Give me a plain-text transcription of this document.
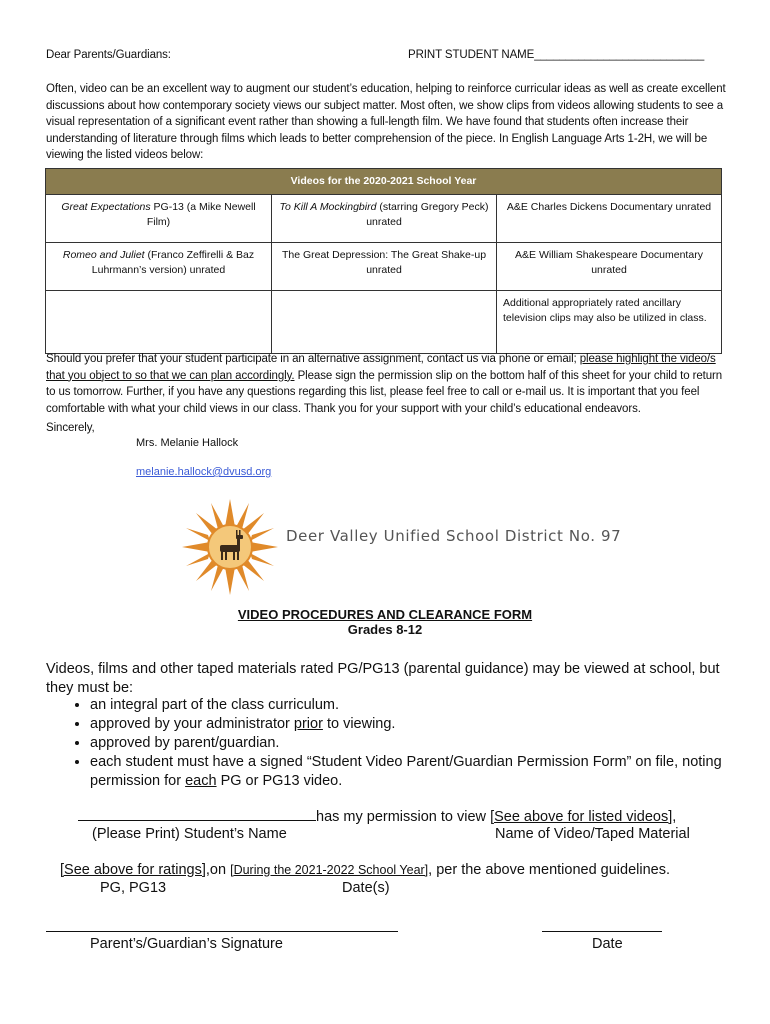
Dear Parents/Guardians:	PRINT STUDENT NAME___________________________
Often, video can be an excellent way to augment our student’s education, helping to reinforce curricular ideas as well as create excellent discussions about how contemporary society views our subject matter. Most often, we show clips from videos allowing students to see a visual representation of a significant event rather than showing a full-length film. We have found that students often increase their understanding of literature through films which leads to better comprehension of the piece. In English Language Arts 1-2H, we will be viewing the listed videos below:
Videos for the 2020-2021 School Year		
Great Expectations PG-13 (a Mike Newell Film)	To Kill A Mockingbird (starring Gregory Peck) unrated	A&E Charles Dickens Documentary unrated
Romeo and Juliet (Franco Zeffirelli & Baz Luhrmann’s version) unrated	The Great Depression: The Great Shake-up unrated	A&E William Shakespeare Documentary unrated
		Additional appropriately rated ancillary television clips may also be utilized in class.
Should you prefer that your student participate in an alternative assignment, contact us via phone or email; please highlight the video/s that you object to so that we can plan accordingly. Please sign the permission slip on the bottom half of this sheet for your child to return to us tomorrow. Further, if you have any questions regarding this list, please feel free to call or e-mail us. It is important that you feel comfortable with what your child views in our class. Thank you for your support with your child’s educational endeavors.
Sincerely,
Mrs. Melanie Hallock
melanie.hallock@dvusd.org
Deer Valley Unified School District No. 97
VIDEO PROCEDURES AND CLEARANCE FORM
Grades 8-12
Videos, films and other taped materials rated PG/PG13 (parental guidance) may be viewed at school, but they must be:
• an integral part of the class curriculum.
• approved by your administrator prior to viewing.
• approved by parent/guardian.
• each student must have a signed “Student Video Parent/Guardian Permission Form” on file, noting permission for each PG or PG13 video.
has my permission to view [See above for listed videos],
(Please Print) Student’s Name	Name of Video/Taped Material
[See above for ratings],on [During the 2021-2022 School Year], per the above mentioned guidelines.
PG, PG13	Date(s)
Parent’s/Guardian’s Signature	Date
